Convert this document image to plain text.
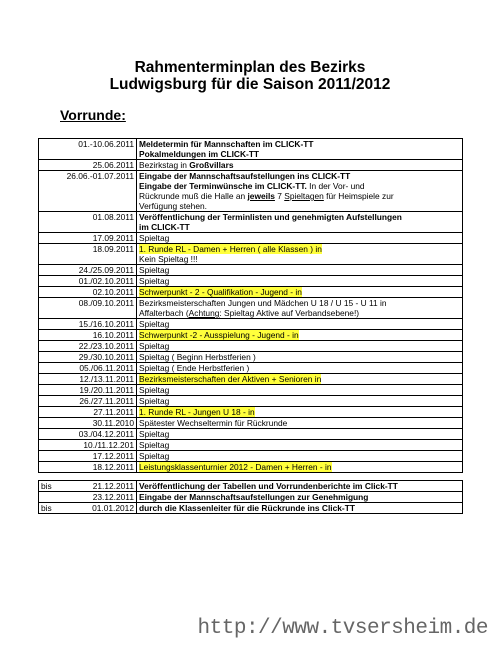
Rahmenterminplan des Bezirks
Ludwigsburg für die Saison 2011/2012
Vorrunde:
01.-10.06.2011	Meldetermin für Mannschaften im CLICK-TT
Pokalmeldungen im CLICK-TT
25.06.2011	Bezirkstag in Großvillars
26.06.-01.07.2011	Eingabe der Mannschaftsaufstellungen ins CLICK-TT
Eingabe der Terminwünsche im CLICK-TT. In der Vor- und
Rückrunde muß die Halle an jeweils 7 Spieltagen für Heimspiele zur
Verfügung stehen.
01.08.2011	Veröffentlichung der Terminlisten und genehmigten Aufstellungen
im CLICK-TT
17.09.2011	Spieltag
18.09.2011	1. Runde RL - Damen + Herren ( alle Klassen ) in
Kein Spieltag !!!
24./25.09.2011	Spieltag
01./02.10.2011	Spieltag
02.10.2011	Schwerpunkt - 2 - Qualifikation - Jugend - in
08./09.10.2011	Bezirksmeisterschaften Jungen und Mädchen U 18 / U 15 - U 11 in
Affalterbach (Achtung: Spieltag Aktive auf Verbandsebene!)
15./16.10.2011	Spieltag
16.10.2011	Schwerpunkt -2 - Ausspielung - Jugend - in
22./23.10.2011	Spieltag
29./30.10.2011	Spieltag ( Beginn Herbstferien )
05./06.11.2011	Spieltag ( Ende Herbstferien )
12./13.11.2011	Bezirksmeisterschaften der Aktiven + Senioren in
19./20.11.2011	Spieltag
26./27.11.2011	Spieltag
27.11.2011	1. Runde RL - Jungen U 18 - in
30.11.2010	Spätester Wechseltermin für Rückrunde
03./04.12.2011	Spieltag
10./11.12.201	Spieltag
17.12.2011	Spieltag
18.12.2011	Leistungsklassenturnier 2012 - Damen + Herren - in

bis 21.12.2011	Veröffentlichung der Tabellen und Vorrundenberichte im Click-TT
23.12.2011	Eingabe der Mannschaftsaufstellungen zur Genehmigung

bis 01.01.2012	durch die Klassenleiter für die Rückrunde ins Click-TT
http://www.tvsersheim.de
